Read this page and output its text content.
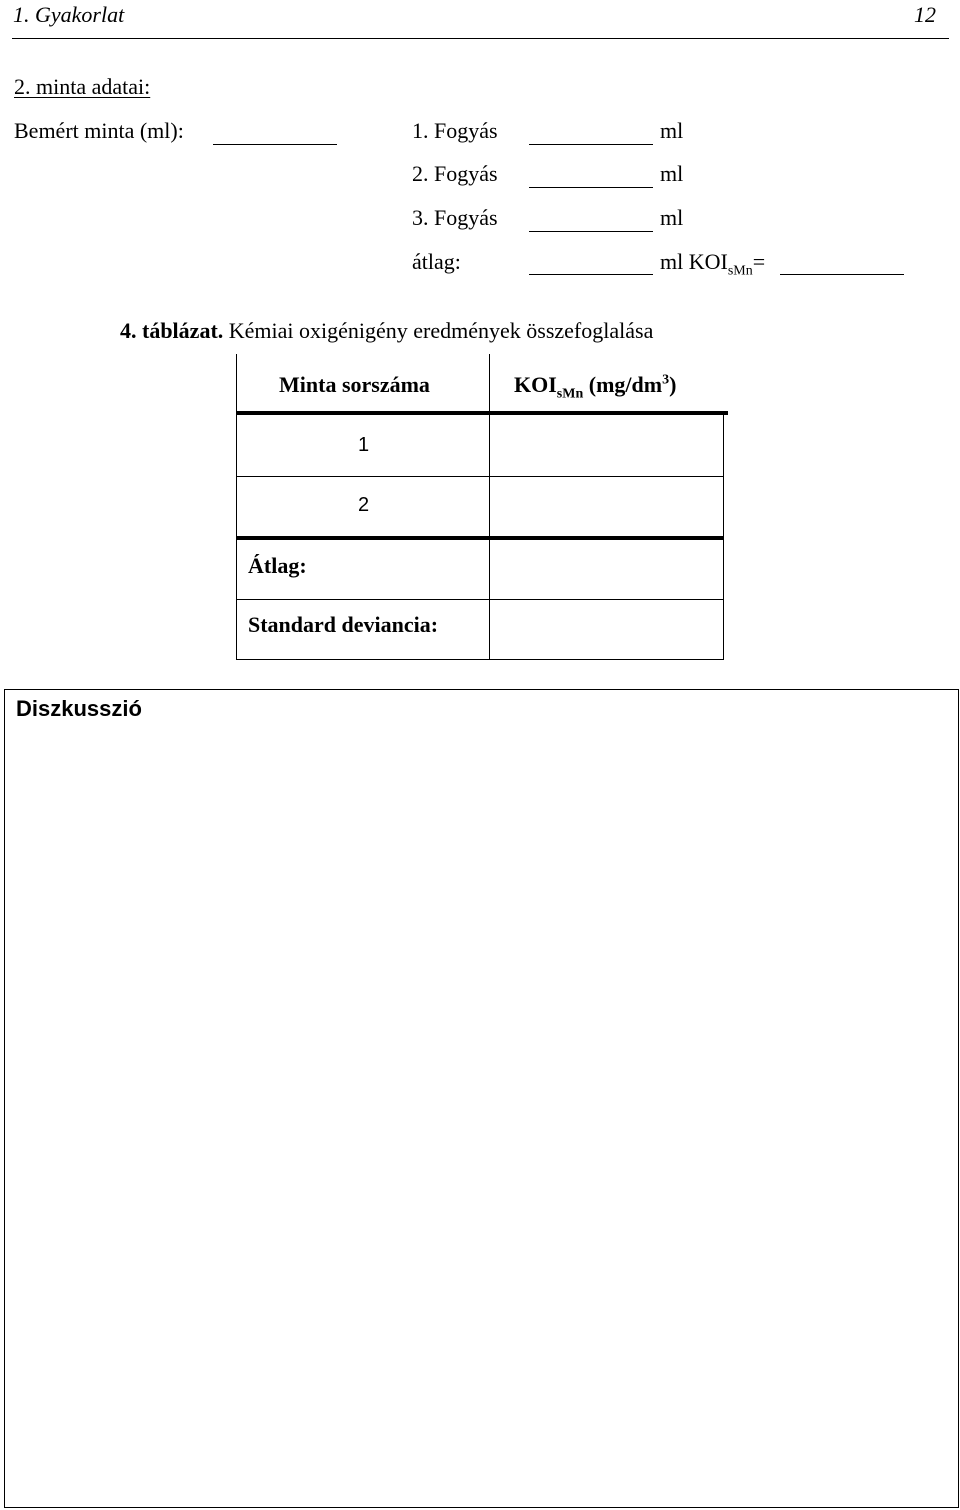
1. Gyakorlat	12
2. minta adatai:
Bemért minta (ml):	1. Fogyás	ml
2. Fogyás	ml
3. Fogyás	ml
átlag:	ml $KOI_{sMn}=$
4. táblázat. Kémiai oxigénigény eredmények összefoglalása
Minta sorszáma	$KOI_{sMn}$ $(mg/dm^3)$
1
2
Átlag:
Standard deviancia:
Diszkusszió
